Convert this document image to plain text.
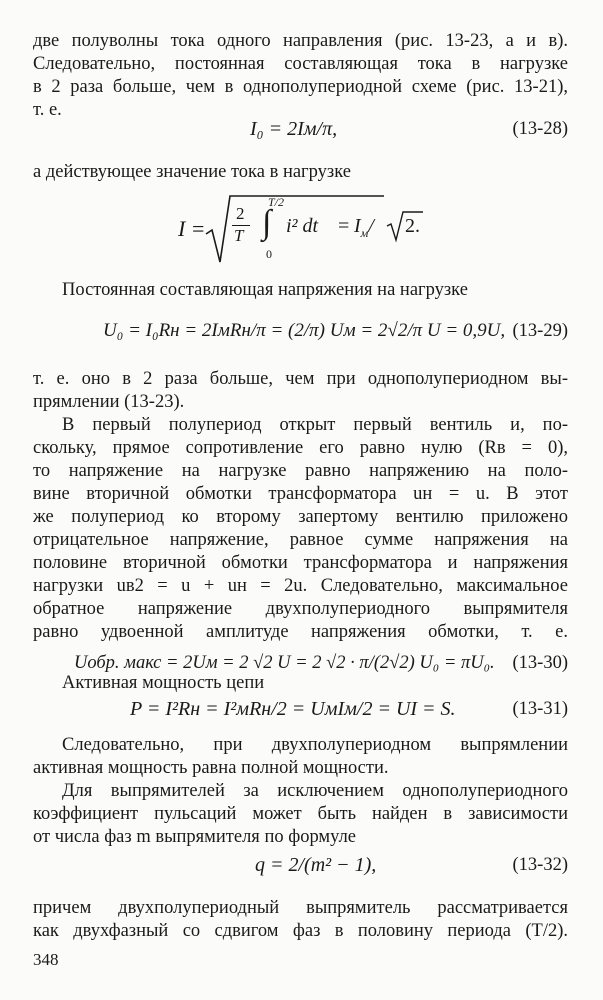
две полуволны тока одного направления (рис. 13-23, а и в).
Следовательно, постоянная составляющая тока в нагрузке
в 2 раза больше, чем в однополупериодной схеме (рис. 13-21),
т. е.
I₀ = 2Iм/π,	(13-28)
а действующее значение тока в нагрузке
I =
2
T
T/2
∫
0
i² dt = $I_м/$ 2.
Постоянная составляющая напряжения на нагрузке
U₀ = I₀Rн = 2IмRн/π = (2/π) Uм = 2√2/π U = 0,9U, (13-29)
т. е. оно в 2 раза больше, чем при однополупериодном вы-
прямлении (13-23).
В первый полупериод открыт первый вентиль и, по-
скольку, прямое сопротивление его равно нулю (Rв = 0),
то напряжение на нагрузке равно напряжению на поло-
вине вторичной обмотки трансформатора uн = u. В этот
же полупериод ко второму запертому вентилю приложено
отрицательное напряжение, равное сумме напряжения на
половине вторичной обмотки трансформатора и напряжения
нагрузки uв2 = u + uн = 2u. Следовательно, максимальное
обратное напряжение двухполупериодного выпрямителя
равно удвоенной амплитуде напряжения обмотки, т. е.
Uобр. макс = 2Uм = 2 √2 U = 2 √2 · π/(2√2) U₀ = πU₀. (13-30)
Активная мощность цепи
P = I²Rн = I²мRн/2 = UмIм/2 = UI = S.	(13-31)
Следовательно, при двухполупериодном выпрямлении
активная мощность равна полной мощности.
Для выпрямителей за исключением однополупериодного
коэффициент пульсаций может быть найден в зависимости
от числа фаз m выпрямителя по формуле
q = 2/(m² − 1),	(13-32)
причем двухполупериодный выпрямитель рассматривается
как двухфазный со сдвигом фаз в половину периода (T/2).
348
